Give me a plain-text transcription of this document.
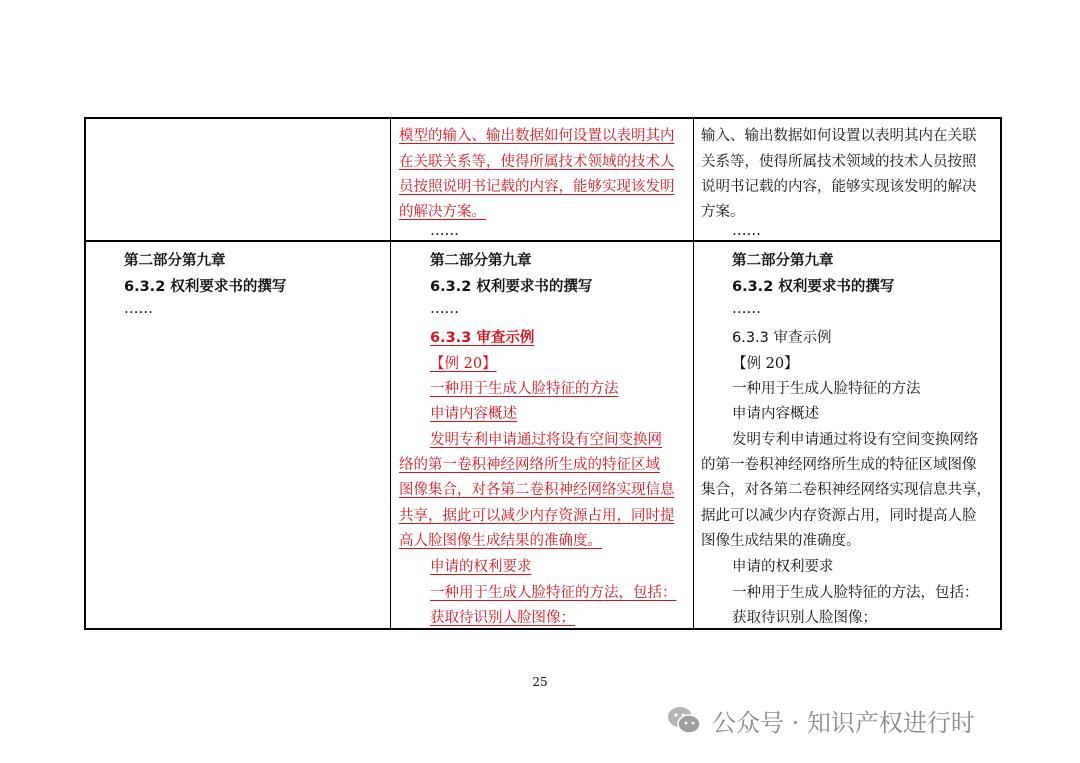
模型的输入、输出数据如何设置以表明其内
在关联关系等，使得所属技术领域的技术人
员按照说明书记载的内容，能够实现该发明
的解决方案。
……
输入、输出数据如何设置以表明其内在关联
关系等，使得所属技术领域的技术人员按照
说明书记载的内容，能够实现该发明的解决
方案。
……
第二部分第九章
6.3.2 权利要求书的撰写
……
第二部分第九章
6.3.2 权利要求书的撰写
……
6.3.3 审查示例
【例 20】
一种用于生成人脸特征的方法
申请内容概述
发明专利申请通过将设有空间变换网
络的第一卷积神经网络所生成的特征区域
图像集合，对各第二卷积神经网络实现信息
共享，据此可以减少内存资源占用，同时提
高人脸图像生成结果的准确度。
申请的权利要求
一种用于生成人脸特征的方法，包括：
获取待识别人脸图像；
第二部分第九章
6.3.2 权利要求书的撰写
……
6.3.3 审查示例
【例 20】
一种用于生成人脸特征的方法
申请内容概述
发明专利申请通过将设有空间变换网络
的第一卷积神经网络所生成的特征区域图像
集合，对各第二卷积神经网络实现信息共享，
据此可以减少内存资源占用，同时提高人脸
图像生成结果的准确度。
申请的权利要求
一种用于生成人脸特征的方法，包括：
获取待识别人脸图像；
25
公众号 · 知识产权进行时
